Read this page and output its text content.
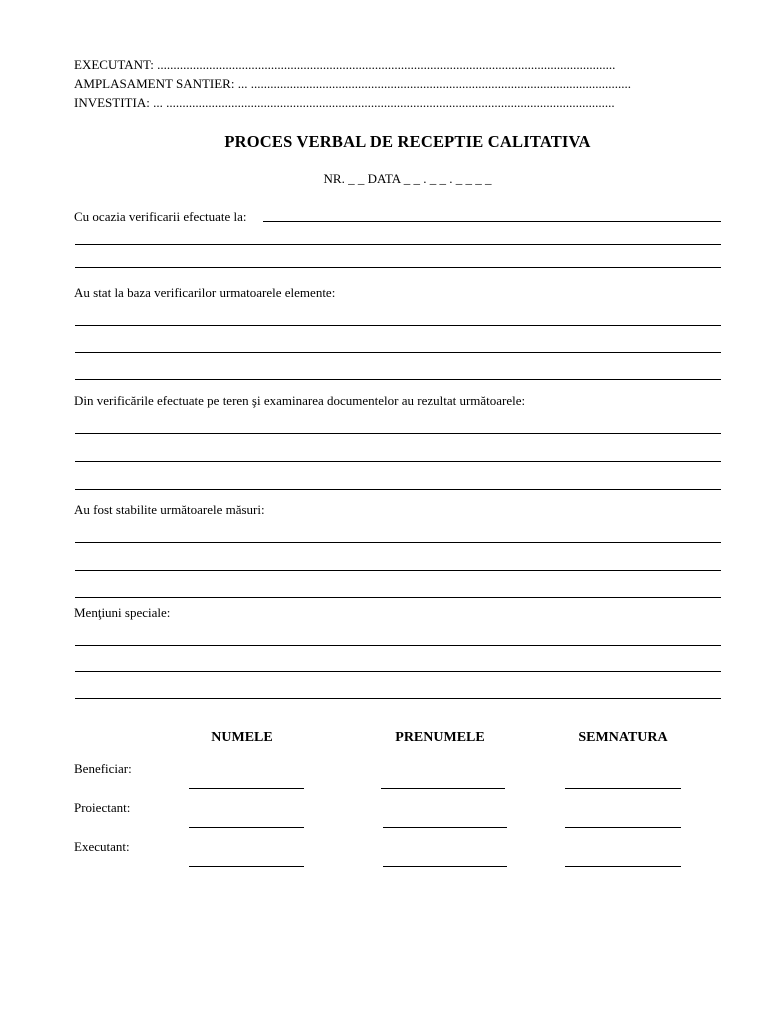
EXECUTANT: .............................................................................................................................................
AMPLASAMENT SANTIER: ... .....................................................................................................................
INVESTITIA: ... ..........................................................................................................................................
PROCES VERBAL DE RECEPTIE CALITATIVA
NR. _ _ DATA _ _ . _ _ . _ _ _ _
Cu ocazia verificarii efectuate la:
Au stat la baza verificarilor urmatoarele elemente:
Din verificările efectuate pe teren şi examinarea documentelor au rezultat următoarele:
Au fost stabilite următoarele măsuri:
Menţiuni speciale:
NUMELE	PRENUMELE	SEMNATURA
Beneficiar:
Proiectant:
Executant:
